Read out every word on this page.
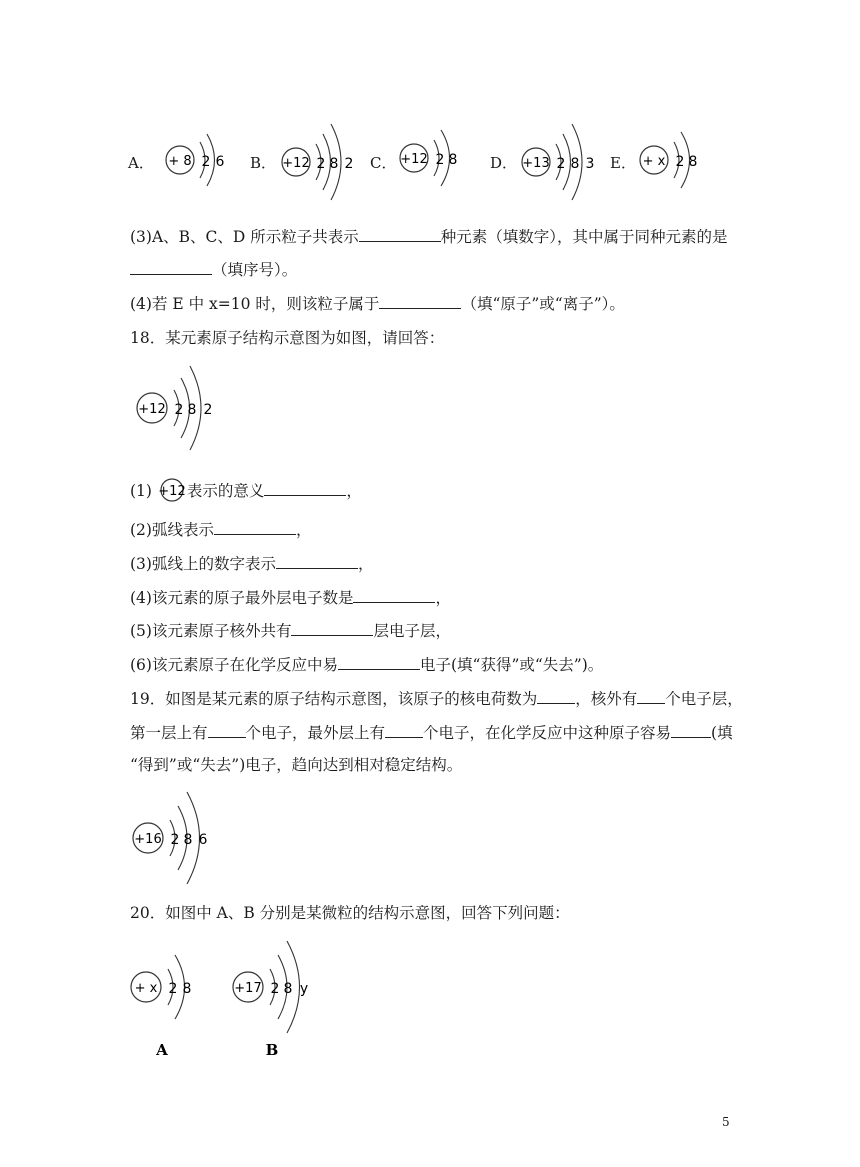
A． + 8 2 6 B． +12 2 8 2 C． +12 2 8 D． +13 2 8 3 E． + x 2 8
(3)A、B、C、D 所示粒子共表示	种元素（填数字），其中属于同种元素的是
（填序号）。
(4)若 E 中 x=10 时，则该粒子属于	（填“原子”或“离子”）。
18．某元素原子结构示意图为如图，请回答：
+12 2 8 2
(1) +12 表示的意义	，
(2)弧线表示	，
(3)弧线上的数字表示	，
(4)该元素的原子最外层电子数是	，
(5)该元素原子核外共有	层电子层，
(6)该元素原子在化学反应中易	电子(填“获得”或“失去”)。
19．如图是某元素的原子结构示意图，该原子的核电荷数为 ，核外有 个电子层，
第一层上有 个电子，最外层上有 个电子，在化学反应中这种原子容易	(填
“得到”或“失去”)电子，趋向达到相对稳定结构。
+16 2 8 6
20．如图中 A、B 分别是某微粒的结构示意图，回答下列问题：
+ x 2 8
A
+17 2 8 y
B
5
